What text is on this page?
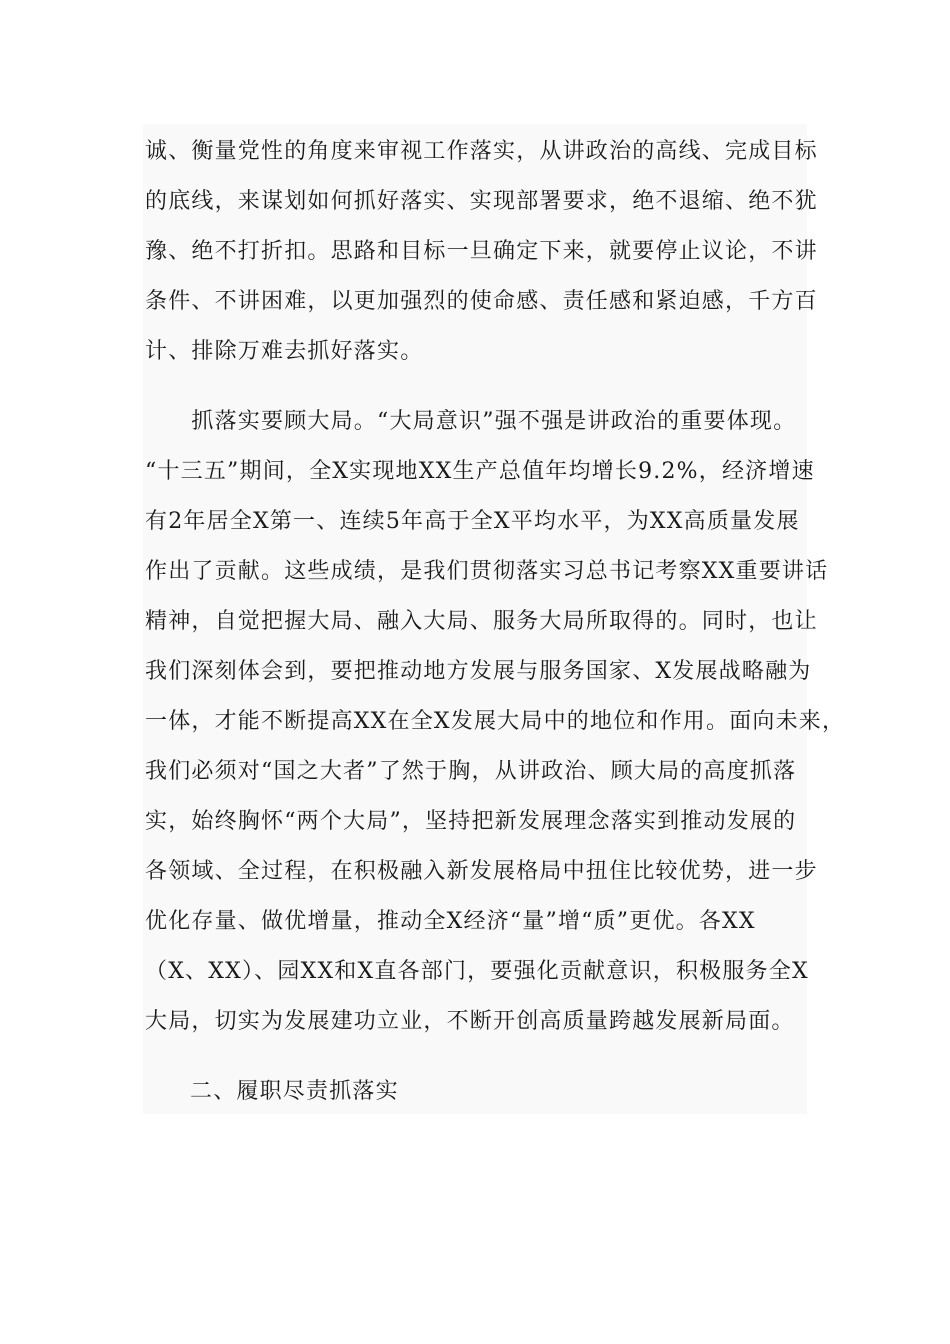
诚、衡量党性的角度来审视工作落实，从讲政治的高线、完成目标
的底线，来谋划如何抓好落实、实现部署要求，绝不退缩、绝不犹
豫、绝不打折扣。思路和目标一旦确定下来，就要停止议论，不讲
条件、不讲困难，以更加强烈的使命感、责任感和紧迫感，千方百
计、排除万难去抓好落实。
　　抓落实要顾大局。“大局意识”强不强是讲政治的重要体现。
“十三五”期间，全X实现地XX生产总值年均增长9.2%，经济增速
有2年居全X第一、连续5年高于全X平均水平，为XX高质量发展
作出了贡献。这些成绩，是我们贯彻落实习总书记考察XX重要讲话
精神，自觉把握大局、融入大局、服务大局所取得的。同时，也让
我们深刻体会到，要把推动地方发展与服务国家、X发展战略融为
一体，才能不断提高XX在全X发展大局中的地位和作用。面向未来，
我们必须对“国之大者”了然于胸，从讲政治、顾大局的高度抓落
实，始终胸怀“两个大局”，坚持把新发展理念落实到推动发展的
各领域、全过程，在积极融入新发展格局中扭住比较优势，进一步
优化存量、做优增量，推动全X经济“量”增“质”更优。各XX
（X、XX）、园XX和X直各部门，要强化贡献意识，积极服务全X
大局，切实为发展建功立业，不断开创高质量跨越发展新局面。
二、履职尽责抓落实
